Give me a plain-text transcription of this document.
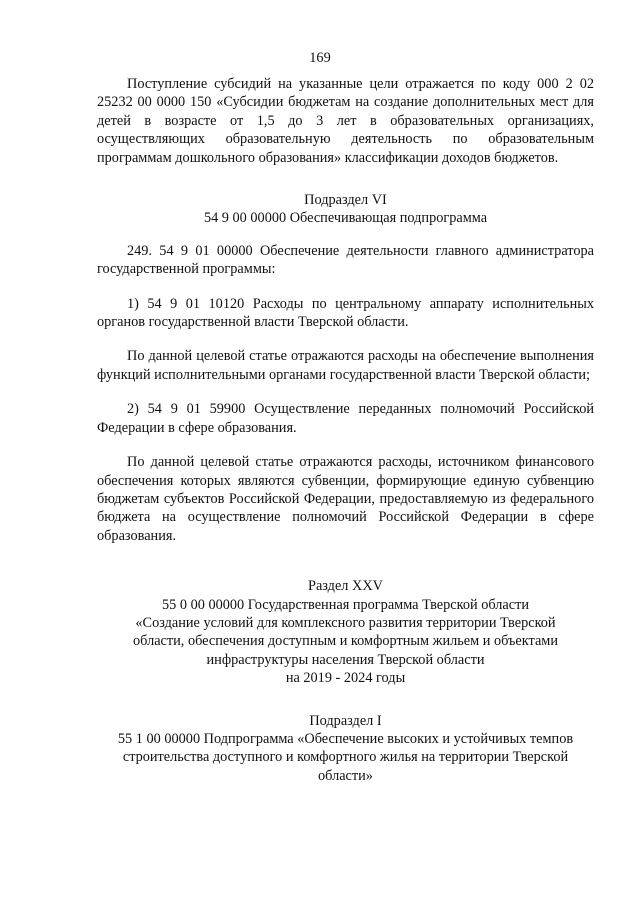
169

Поступление субсидий на указанные цели отражается по коду 000 2 02 25232 00 0000 150 «Субсидии бюджетам на создание дополнительных мест для детей в возрасте от 1,5 до 3 лет в образовательных организациях, осуществляющих образовательную деятельность по образовательным программам дошкольного образования» классификации доходов бюджетов.

Подраздел VI

54 9 00 00000 Обеспечивающая подпрограмма

249. 54 9 01 00000 Обеспечение деятельности главного администратора государственной программы:

1) 54 9 01 10120 Расходы по центральному аппарату исполнительных органов государственной власти Тверской области.

По данной целевой статье отражаются расходы на обеспечение выполнения функций исполнительными органами государственной власти Тверской области;

2) 54 9 01 59900 Осуществление переданных полномочий Российской Федерации в сфере образования.

По данной целевой статье отражаются расходы, источником финансового обеспечения которых являются субвенции, формирующие единую субвенцию бюджетам субъектов Российской Федерации, предоставляемую из федерального бюджета на осуществление полномочий Российской Федерации в сфере образования.

Раздел XXV

55 0 00 00000 Государственная программа Тверской области

«Создание условий для комплексного развития территории Тверской

области, обеспечения доступным и комфортным жильем и объектами

инфраструктуры населения Тверской области

на 2019 - 2024 годы

Подраздел I

55 1 00 00000 Подпрограмма «Обеспечение высоких и устойчивых темпов

строительства доступного и комфортного жилья на территории Тверской

области»
